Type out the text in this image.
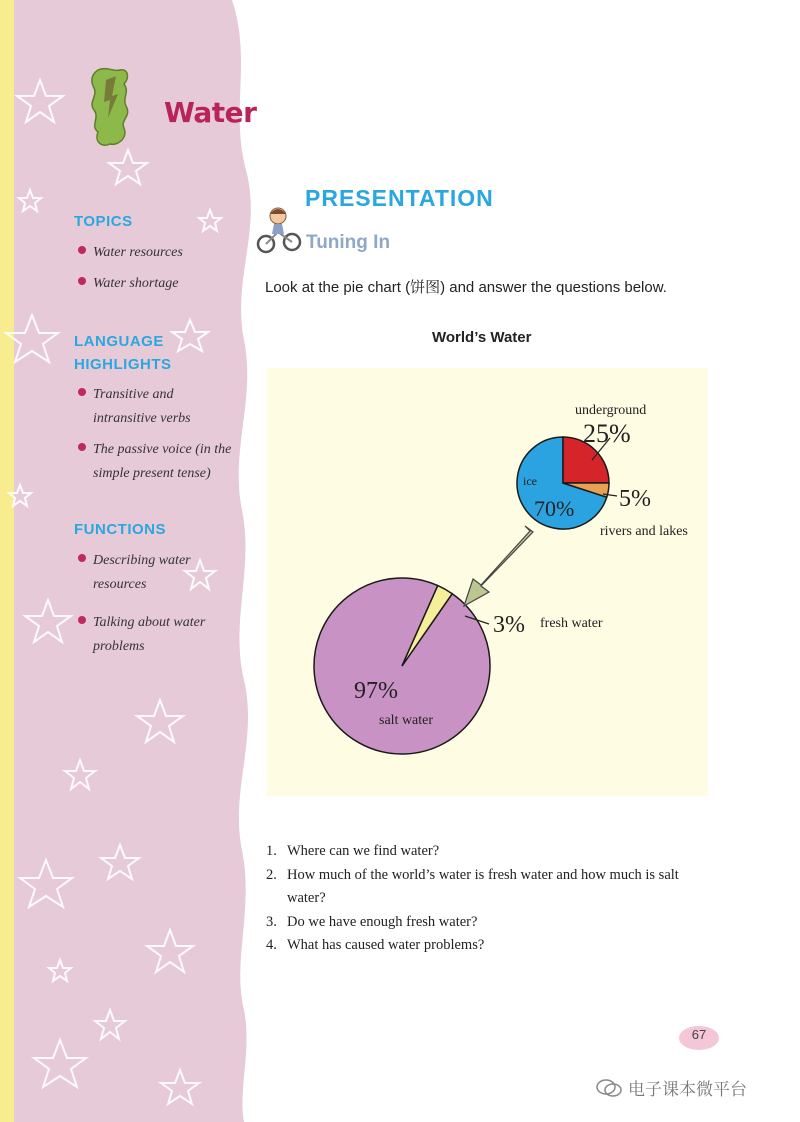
Water
TOPICS
Water resources
Water shortage
LANGUAGE
HIGHLIGHTS
Transitive and
intransitive verbs
The passive voice (in the
simple present tense)
FUNCTIONS
Describing water
resources
Talking about water
problems
PRESENTATION
Tuning In
Look at the pie chart (饼图) and answer the questions below.
World’s Water
underground
25%
ice
70% 5%
rivers and lakes
3% fresh water
97%
salt water
1. Where can we find water?
2. How much of the world’s water is fresh water and how much is salt water?
3. Do we have enough fresh water?
4. What has caused water problems?
67
电子课本微平台
